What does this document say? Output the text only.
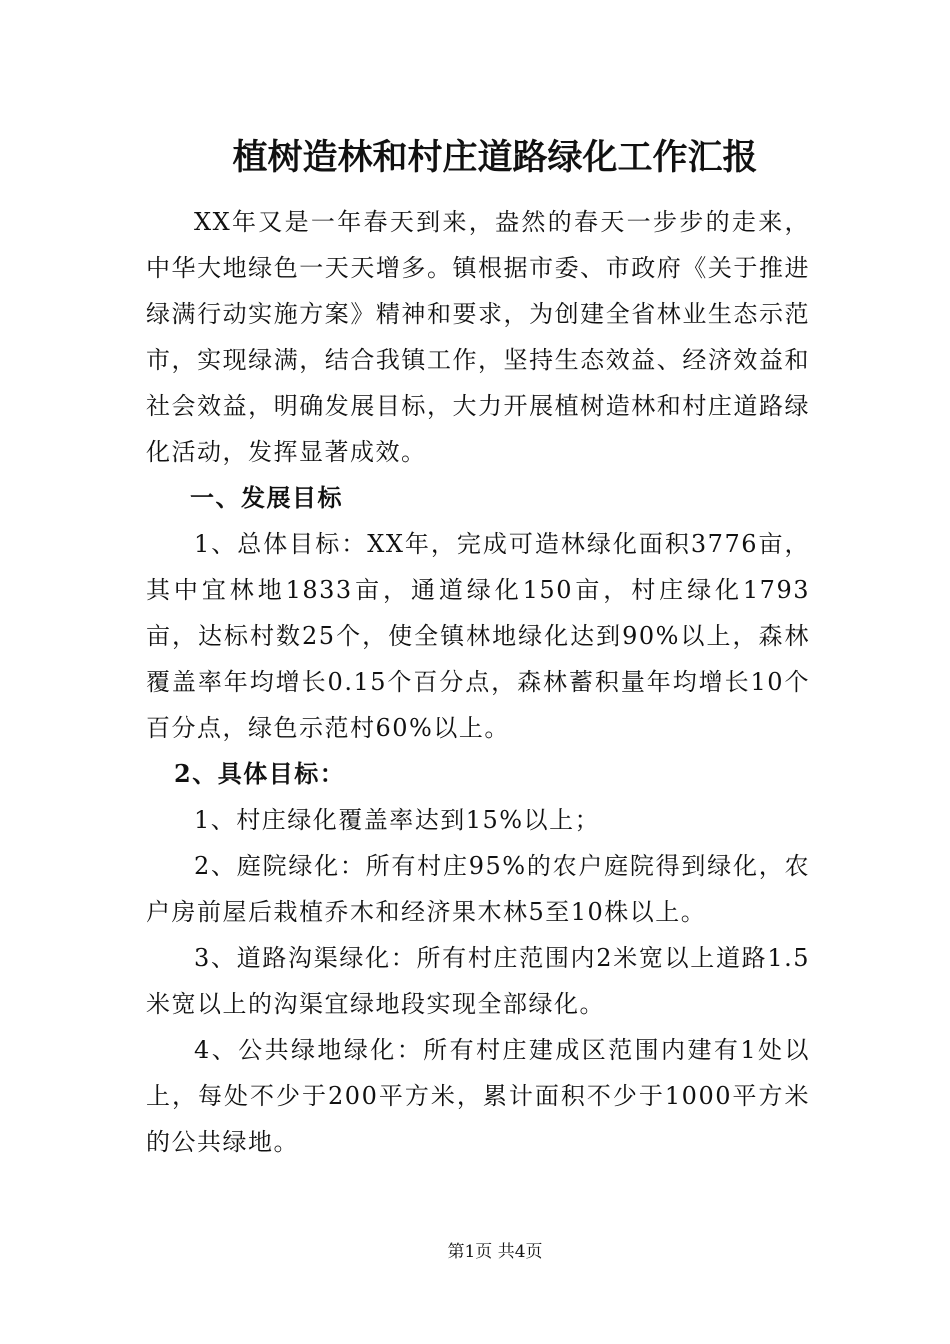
植树造林和村庄道路绿化工作汇报

XX年又是一年春天到来，盎然的春天一步步的走来，中华大地绿色一天天增多。镇根据市委、市政府《关于推进绿满行动实施方案》精神和要求，为创建全省林业生态示范市，实现绿满，结合我镇工作，坚持生态效益、经济效益和社会效益，明确发展目标，大力开展植树造林和村庄道路绿化活动，发挥显著成效。

一、发展目标

1、总体目标：XX年，完成可造林绿化面积3776亩，其中宜林地1833亩，通道绿化150亩，村庄绿化1793亩，达标村数25个，使全镇林地绿化达到90%以上，森林覆盖率年均增长0.15个百分点，森林蓄积量年均增长10个百分点，绿色示范村60%以上。

2、具体目标：

1、村庄绿化覆盖率达到15%以上；

2、庭院绿化：所有村庄95%的农户庭院得到绿化，农户房前屋后栽植乔木和经济果木林5至10株以上。

3、道路沟渠绿化：所有村庄范围内2米宽以上道路1.5米宽以上的沟渠宜绿地段实现全部绿化。

4、公共绿地绿化：所有村庄建成区范围内建有1处以上，每处不少于200平方米，累计面积不少于1000平方米的公共绿地。

第1页 共4页
